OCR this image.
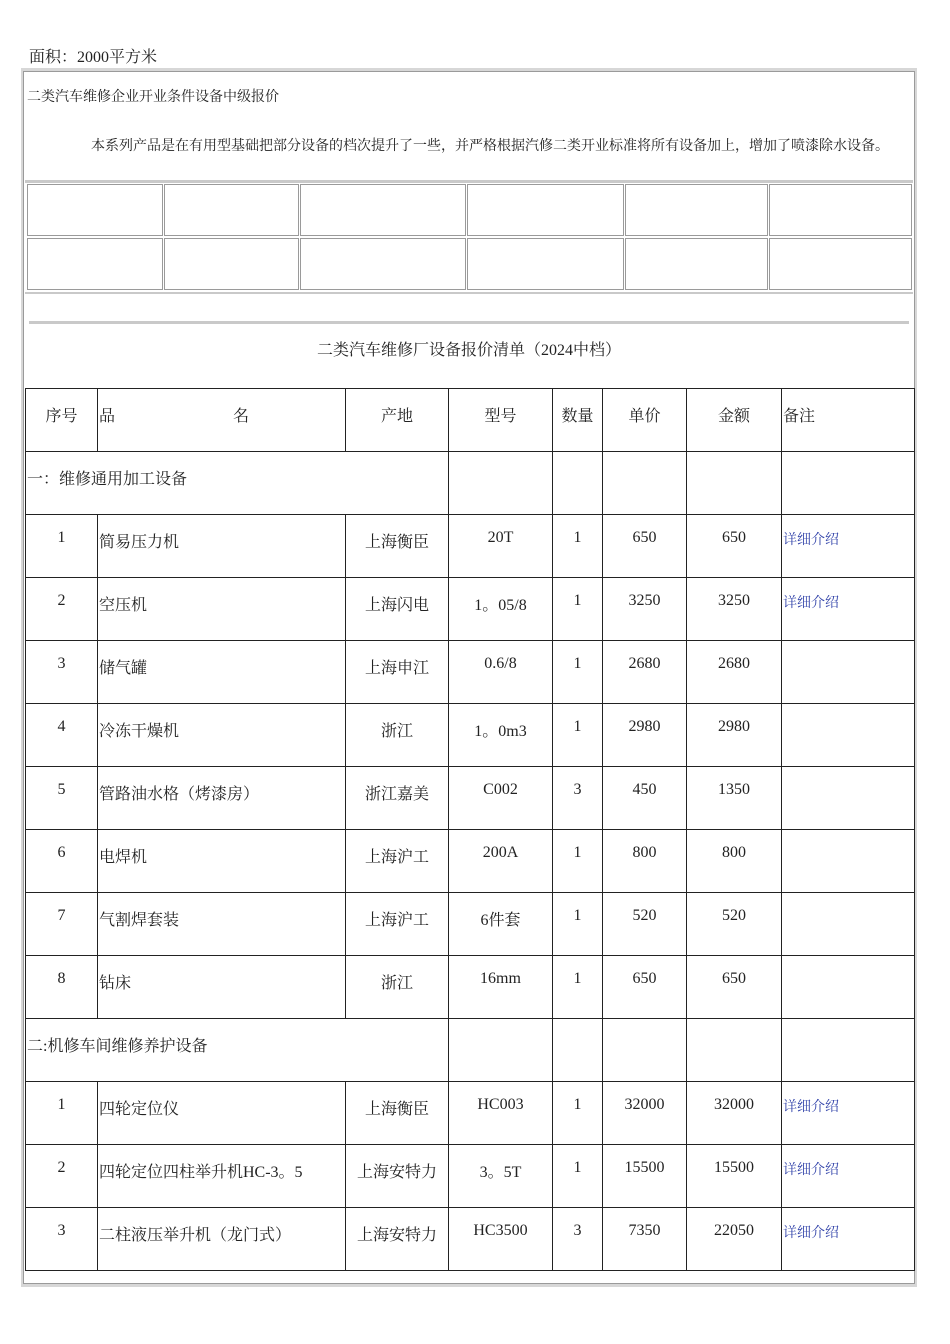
面积：2000平方米
二类汽车维修企业开业条件设备中级报价
本系列产品是在有用型基础把部分设备的档次提升了一些，并严格根据汽修二类开业标准将所有设备加上，增加了喷漆除水设备。
二类汽车维修厂设备报价清单（2024中档）
序号	品 名	产地	型号	数量	单价	金额	备注
一：维修通用加工设备							
1	简易压力机	上海衡臣	20T	1	650	650	详细介绍
2	空压机	上海闪电	1。05/8	1	3250	3250	详细介绍
3	储气罐	上海申江	0.6/8	1	2680	2680	
4	冷冻干燥机	浙江	1。0m3	1	2980	2980	
5	管路油水格（烤漆房）	浙江嘉美	C002	3	450	1350	
6	电焊机	上海沪工	200A	1	800	800	
7	气割焊套装	上海沪工	6件套	1	520	520	
8	钻床	浙江	16mm	1	650	650	
二:机修车间维修养护设备							
1	四轮定位仪	上海衡臣	HC003	1	32000	32000	详细介绍
2	四轮定位四柱举升机HC-3。5	上海安特力	3。5T	1	15500	15500	详细介绍
3	二柱液压举升机（龙门式）	上海安特力	HC3500	3	7350	22050	详细介绍
